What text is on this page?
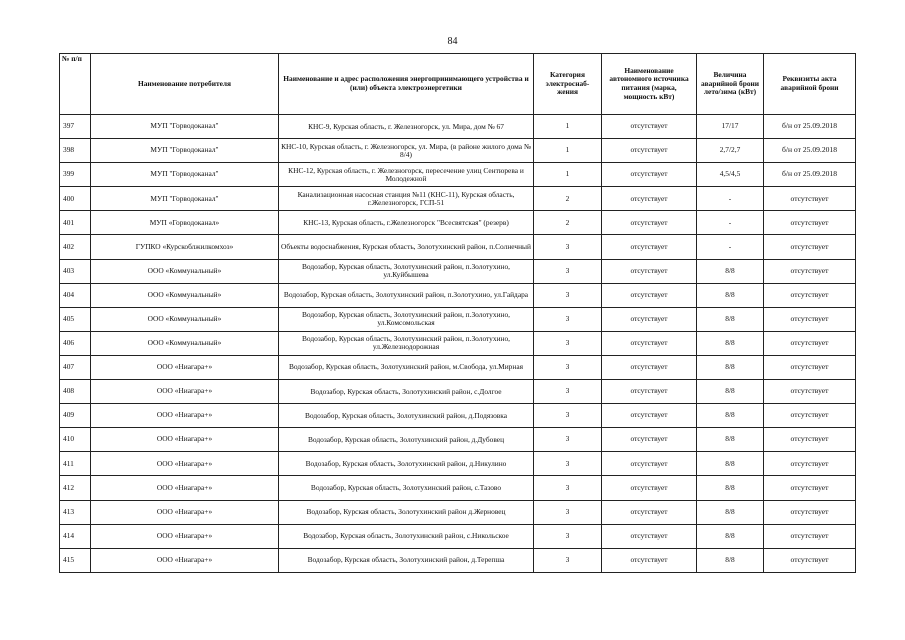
84
№ п/п	Наименование потребителя	Наименование и адрес расположения энергопринимающего устройства и (или) объекта электроэнергетики	Категория электроснаб-жения	Наименование автономного источника питания (марка, мощность кВт)	Величина аварийной брони лето/зима (кВт)	Реквизиты акта аварийной брони
397	МУП "Горводоканал"	КНС-9, Курская область, г. Железногорск, ул. Мира, дом № 67	1	отсутствует	17/17	б/н от 25.09.2018
398	МУП "Горводоканал"	КНС-10, Курская область, г. Железногорск, ул. Мира, (в районе жилого дома № 8/4)	1	отсутствует	2,7/2,7	б/н от 25.09.2018
399	МУП "Горводоканал"	КНС-12, Курская область, г. Железногорск, пересечение улиц Сентюрева и Молодежной	1	отсутствует	4,5/4,5	б/н от 25.09.2018
400	МУП "Горводоканал"	Канализационная насосная станция №11 (КНС-11), Курская область, г.Железногорск, ГСП-51	2	отсутствует	-	отсутствует
401	МУП «Горводоканал»	КНС-13, Курская область, г.Железногорск "Всесвятская" (резерв)	2	отсутствует	-	отсутствует
402	ГУПКО «Курскоблжилкомхоз»	Объекты водоснабжения, Курская область, Золотухинский район, п.Солнечный	3	отсутствует	-	отсутствует
403	ООО «Коммунальный»	Водозабор, Курская область, Золотухинский район, п.Золотухино, ул.Куйбышева	3	отсутствует	8/8	отсутствует
404	ООО «Коммунальный»	Водозабор, Курская область, Золотухинский район, п.Золотухино, ул.Гайдара	3	отсутствует	8/8	отсутствует
405	ООО «Коммунальный»	Водозабор, Курская область, Золотухинский район, п.Золотухино, ул.Комсомольская	3	отсутствует	8/8	отсутствует
406	ООО «Коммунальный»	Водозабор, Курская область, Золотухинский район, п.Золотухино, ул.Железнодорожная	3	отсутствует	8/8	отсутствует
407	ООО «Ниагара+»	Водозабор, Курская область, Золотухинский район, м.Свобода, ул.Мирная	3	отсутствует	8/8	отсутствует
408	ООО «Ниагара+»	Водозабор, Курская область, Золотухинский район, с.Долгое	3	отсутствует	8/8	отсутствует
409	ООО «Ниагара+»	Водозабор, Курская область, Золотухинский район, д.Подязовка	3	отсутствует	8/8	отсутствует
410	ООО «Ниагара+»	Водозабор, Курская область, Золотухинский район, д.Дубовец	3	отсутствует	8/8	отсутствует
411	ООО «Ниагара+»	Водозабор, Курская область, Золотухинский район, д.Никулино	3	отсутствует	8/8	отсутствует
412	ООО «Ниагара+»	Водозабор, Курская область, Золотухинский район, с.Тазово	3	отсутствует	8/8	отсутствует
413	ООО «Ниагара+»	Водозабор, Курская область, Золотухинский район д.Жерновец	3	отсутствует	8/8	отсутствует
414	ООО «Ниагара+»	Водозабор, Курская область, Золотухинский район, с.Никольское	3	отсутствует	8/8	отсутствует
415	ООО «Ниагара+»	Водозабор, Курская область, Золотухинский район, д.Терепша	3	отсутствует	8/8	отсутствует
